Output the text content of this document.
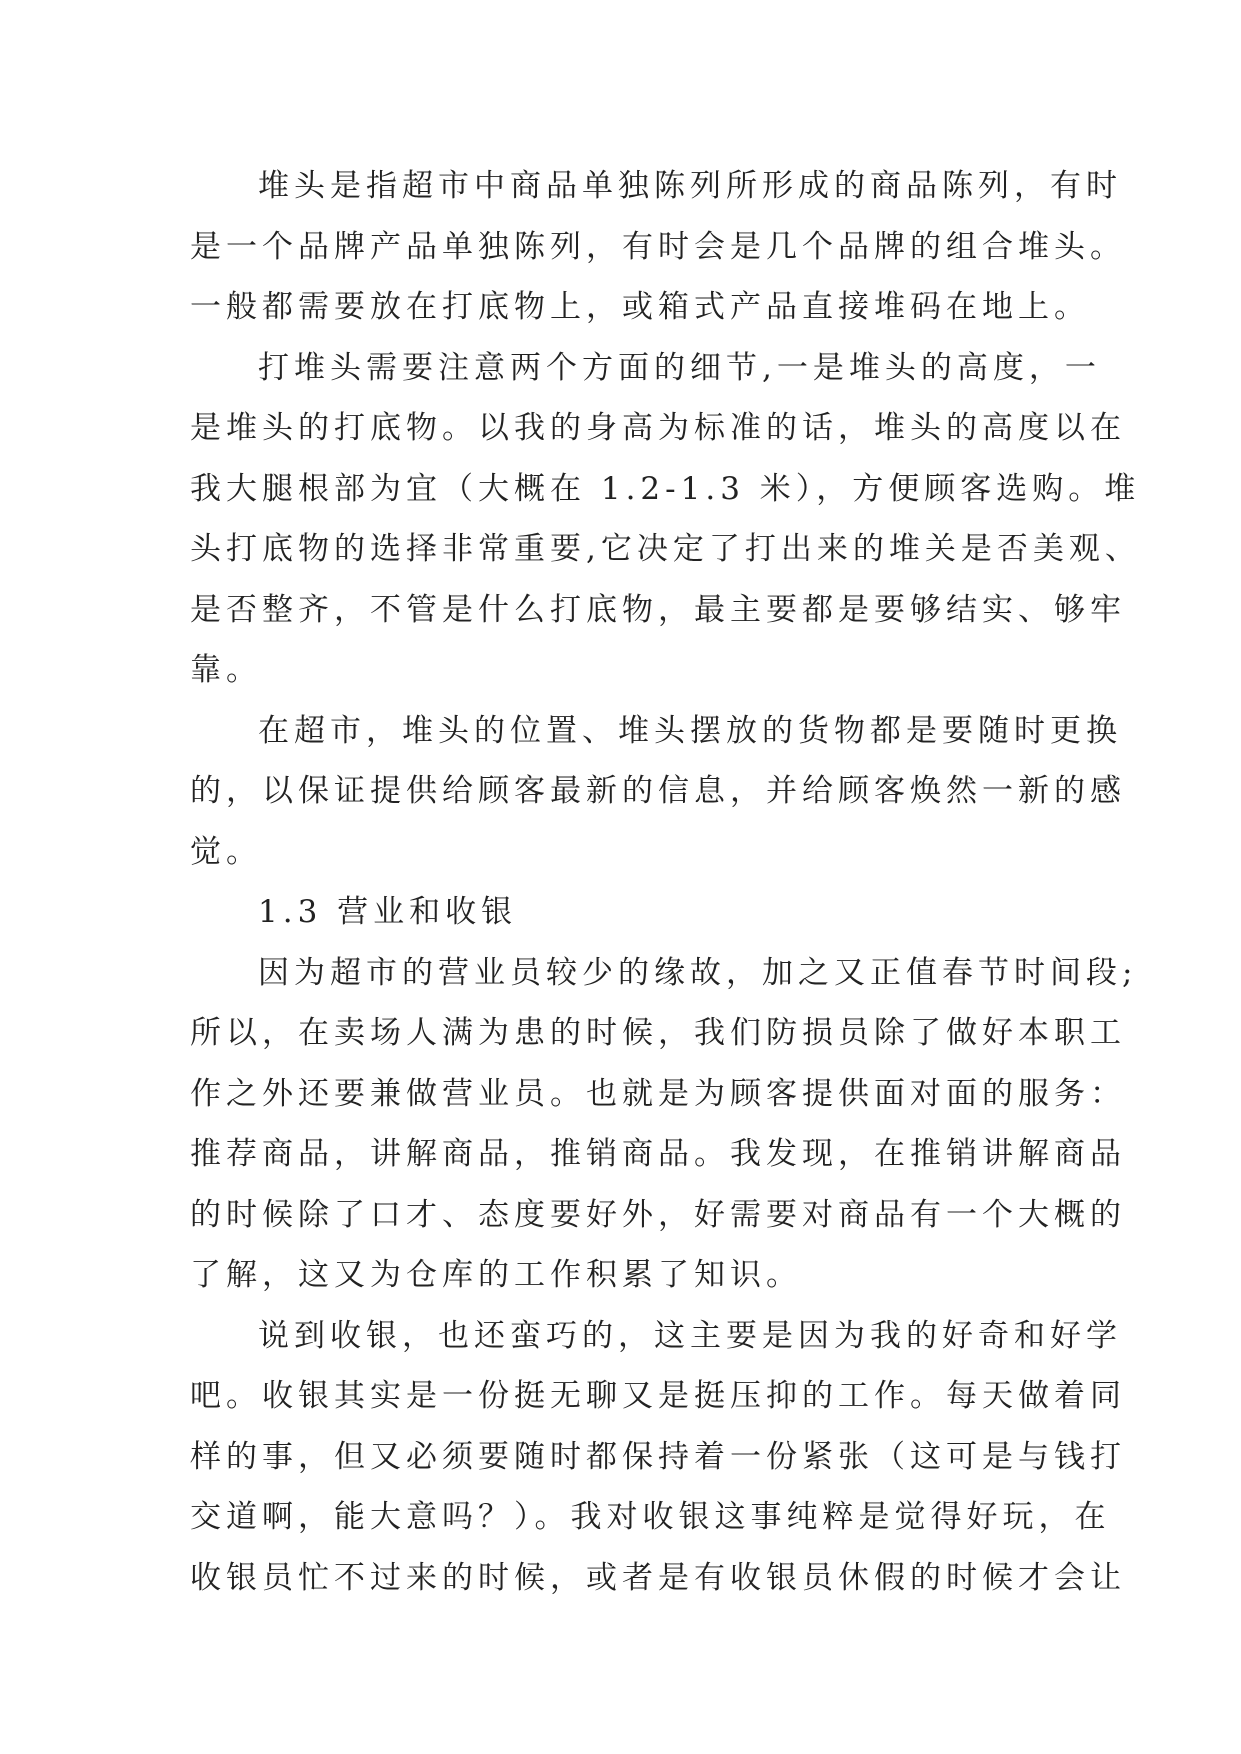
堆头是指超市中商品单独陈列所形成的商品陈列，有时
是一个品牌产品单独陈列，有时会是几个品牌的组合堆头。
一般都需要放在打底物上，或箱式产品直接堆码在地上。
打堆头需要注意两个方面的细节,一是堆头的高度，一
是堆头的打底物。以我的身高为标准的话，堆头的高度以在
我大腿根部为宜（大概在 1.2-1.3 米），方便顾客选购。堆
头打底物的选择非常重要,它决定了打出来的堆关是否美观、
是否整齐，不管是什么打底物，最主要都是要够结实、够牢
靠。
在超市，堆头的位置、堆头摆放的货物都是要随时更换
的，以保证提供给顾客最新的信息，并给顾客焕然一新的感
觉。
1.3 营业和收银
因为超市的营业员较少的缘故，加之又正值春节时间段;
所以，在卖场人满为患的时候，我们防损员除了做好本职工
作之外还要兼做营业员。也就是为顾客提供面对面的服务：
推荐商品，讲解商品，推销商品。我发现，在推销讲解商品
的时候除了口才、态度要好外，好需要对商品有一个大概的
了解，这又为仓库的工作积累了知识。
说到收银，也还蛮巧的，这主要是因为我的好奇和好学
吧。收银其实是一份挺无聊又是挺压抑的工作。每天做着同
样的事，但又必须要随时都保持着一份紧张（这可是与钱打
交道啊，能大意吗？）。我对收银这事纯粹是觉得好玩，在
收银员忙不过来的时候，或者是有收银员休假的时候才会让
